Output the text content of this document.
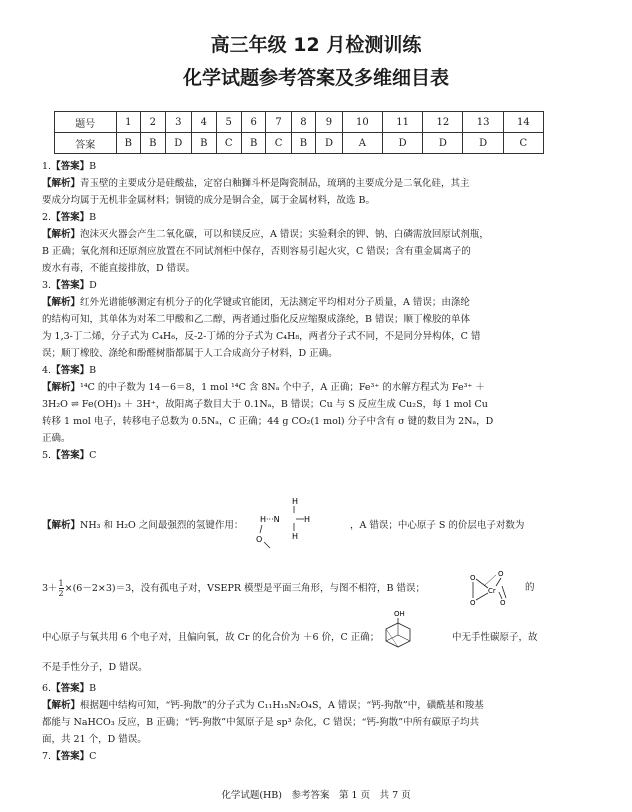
高三年级 12 月检测训练
化学试题参考答案及多维细目表
题号	1	2	3	4	5	6	7	8	9	10	11	12	13	14
答案	B	B	D	B	C	B	C	B	D	A	D	D	D	C
1.【答案】B
【解析】青玉壁的主要成分是硅酸盐，定窑白釉獅斗杯是陶瓷制品，琉璃的主要成分是二氧化硅，其主
要成分均属于无机非金属材料；铜镜的成分是铜合金，属于金属材料，故选 B。
2.【答案】B
【解析】泡沫灭火器会产生二氧化碳，可以和镁反应，A 错误；实验剩余的钾、钠、白磷需放回原试剂瓶，
B 正确；氧化剂和还原剂应放置在不同试剂柜中保存，否则容易引起火灾，C 错误；含有重金属离子的
废水有毒，不能直接排放，D 错误。
3.【答案】D
【解析】红外光谱能够测定有机分子的化学键或官能团，无法测定平均相对分子质量，A 错误；由涤纶
的结构可知，其单体为对苯二甲酸和乙二醇，两者通过脂化反应缩聚成涤纶，B 错误；顺丁橡胶的单体
为 1,3-丁二烯，分子式为 C₄H₆，反-2-丁烯的分子式为 C₄H₈，两者分子式不同，不是同分异构体，C 错
误；顺丁橡胶、涤纶和酚醛树脂都属于人工合成高分子材料，D 正确。
4.【答案】B
【解析】¹⁴C 的中子数为 14－6＝8，1 mol ¹⁴C 含 8Nₐ 个中子，A 正确；Fe³⁺ 的水解方程式为 Fe³⁺ ＋
3H₂O ⇌ Fe(OH)₃ ＋ 3H⁺，故阳离子数目大于 0.1Nₐ，B 错误；Cu 与 S 反应生成 Cu₂S，每 1 mol Cu
转移 1 mol 电子，转移电子总数为 0.5Nₐ，C 正确；44 g CO₂(1 mol) 分子中含有 σ 键的数目为 2Nₐ，D
正确。
5.【答案】C
【解析】NH₃ 和 H₂O 之间最强烈的氢键作用：	，A 错误；中心原子 S 的价层电子对数为
H
H···N	H
H
O
$3+ \frac{1}{2} \times(6-2\times 3)=3$，没有孤电子对，VSEPR 模型是平面三角形，与图不相符，B 错误；	的
O	O
O	O
Cr
中心原子与氧共用 6 个电子对，且偏向氧，故 Cr 的化合价为 ＋6 价，C 正确；	中无手性碳原子，故
OH
不是手性分子，D 错误。
6.【答案】B
【解析】根据题中结构可知，“钙-狗散”的分子式为 C₁₁H₁₅N₂O₄S，A 错误；“钙-狗散”中，磺酰基和羧基
都能与 NaHCO₃ 反应，B 正确；“钙-狗散”中氮原子是 sp³ 杂化，C 错误；“钙-狗散”中所有碳原子均共
面，共 21 个，D 错误。
7.【答案】C
化学试题(HB)　参考答案　第 1 页　共 7 页
